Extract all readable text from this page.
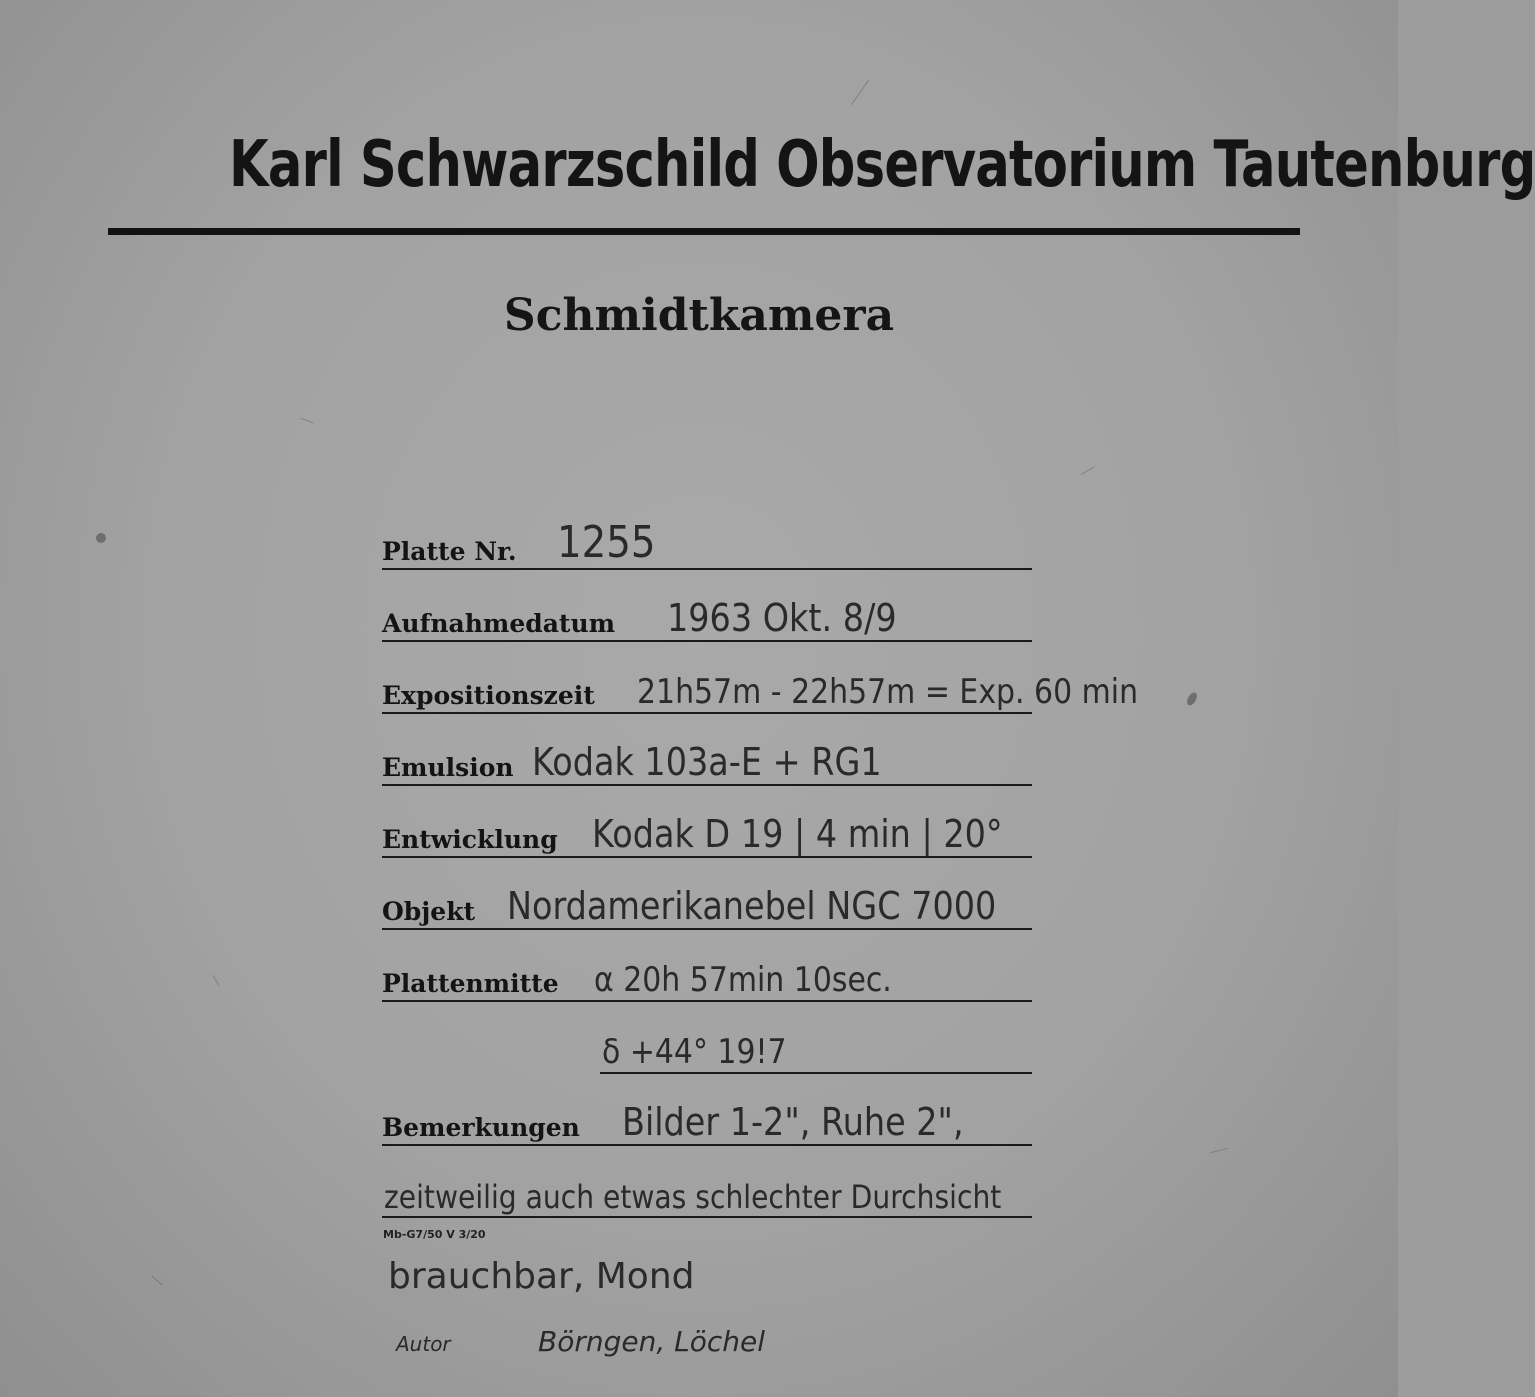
Karl Schwarzschild Observatorium Tautenburg
Schmidtkamera
Platte Nr. 1255
Aufnahmedatum 1963 Okt. 8/9
Expositionszeit 21h57m - 22h57m = Exp. 60 min
Emulsion Kodak 103a-E + RG1
Entwicklung Kodak D 19 | 4 min | 20°
Objekt Nordamerikanebel NGC 7000
Plattenmitte α 20h 57min 10sec.
δ +44° 19!7
Bemerkungen Bilder 1-2", Ruhe 2",
zeitweilig auch etwas schlechter Durchsicht
Mb-G7/50 V 3/20
brauchbar, Mond
Autor	Börngen, Löchel
